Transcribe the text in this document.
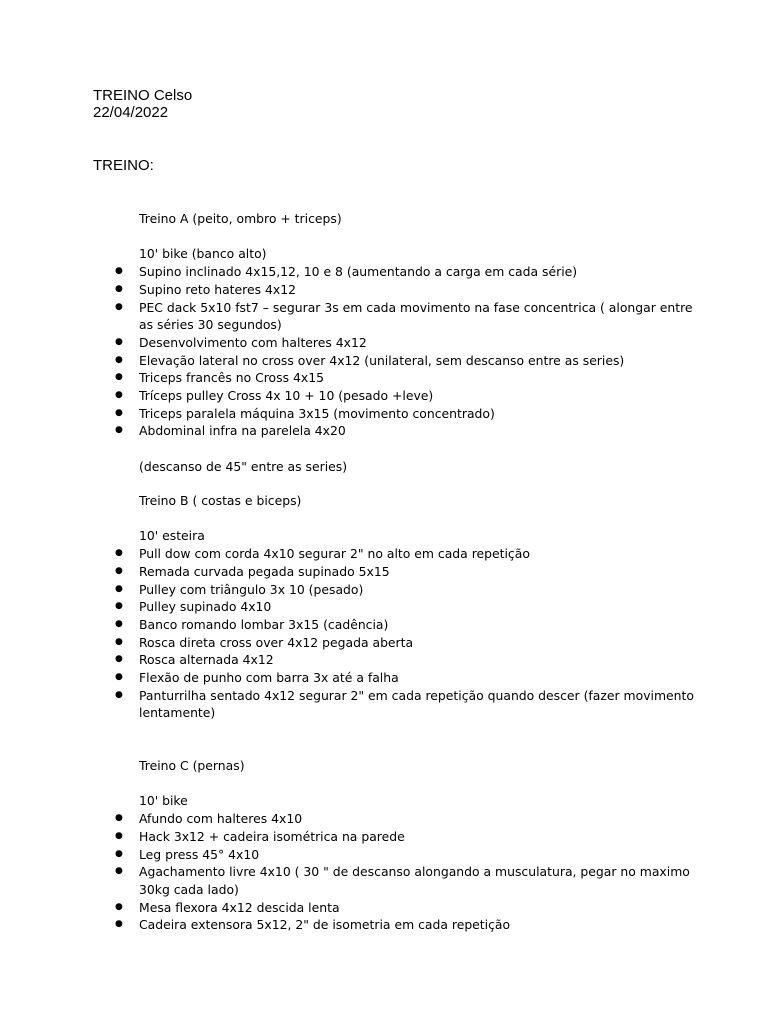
TREINO Celso
22/04/2022
TREINO:

Treino A (peito, ombro + triceps)

10' bike (banco alto)

● Supino inclinado 4x15,12, 10 e 8 (aumentando a carga em cada série)
● Supino reto hateres 4x12
● PEC dack 5x10 fst7 – segurar 3s em cada movimento na fase concentrica ( alongar entre as séries 30 segundos)
● Desenvolvimento com halteres 4x12
● Elevação lateral no cross over 4x12 (unilateral, sem descanso entre as series)
● Triceps francês no Cross 4x15
● Tríceps pulley Cross 4x 10 + 10 (pesado +leve)
● Triceps paralela máquina 3x15 (movimento concentrado)
● Abdominal infra na parelela 4x20

(descanso de 45" entre as series)

Treino B ( costas e biceps)

10' esteira

● Pull dow com corda 4x10 segurar 2" no alto em cada repetição
● Remada curvada pegada supinado 5x15
● Pulley com triângulo 3x 10 (pesado)
● Pulley supinado 4x10
● Banco romando lombar 3x15 (cadência)
● Rosca direta cross over 4x12 pegada aberta
● Rosca alternada 4x12
● Flexão de punho com barra 3x até a falha
● Panturrilha sentado 4x12 segurar 2" em cada repetição quando descer (fazer movimento lentamente)

Treino C (pernas)

10' bike

● Afundo com halteres 4x10
● Hack 3x12 + cadeira isométrica na parede
● Leg press 45° 4x10
● Agachamento livre 4x10 ( 30 " de descanso alongando a musculatura, pegar no maximo 30kg cada lado)
● Mesa flexora 4x12 descida lenta
● Cadeira extensora 5x12, 2" de isometria em cada repetição
